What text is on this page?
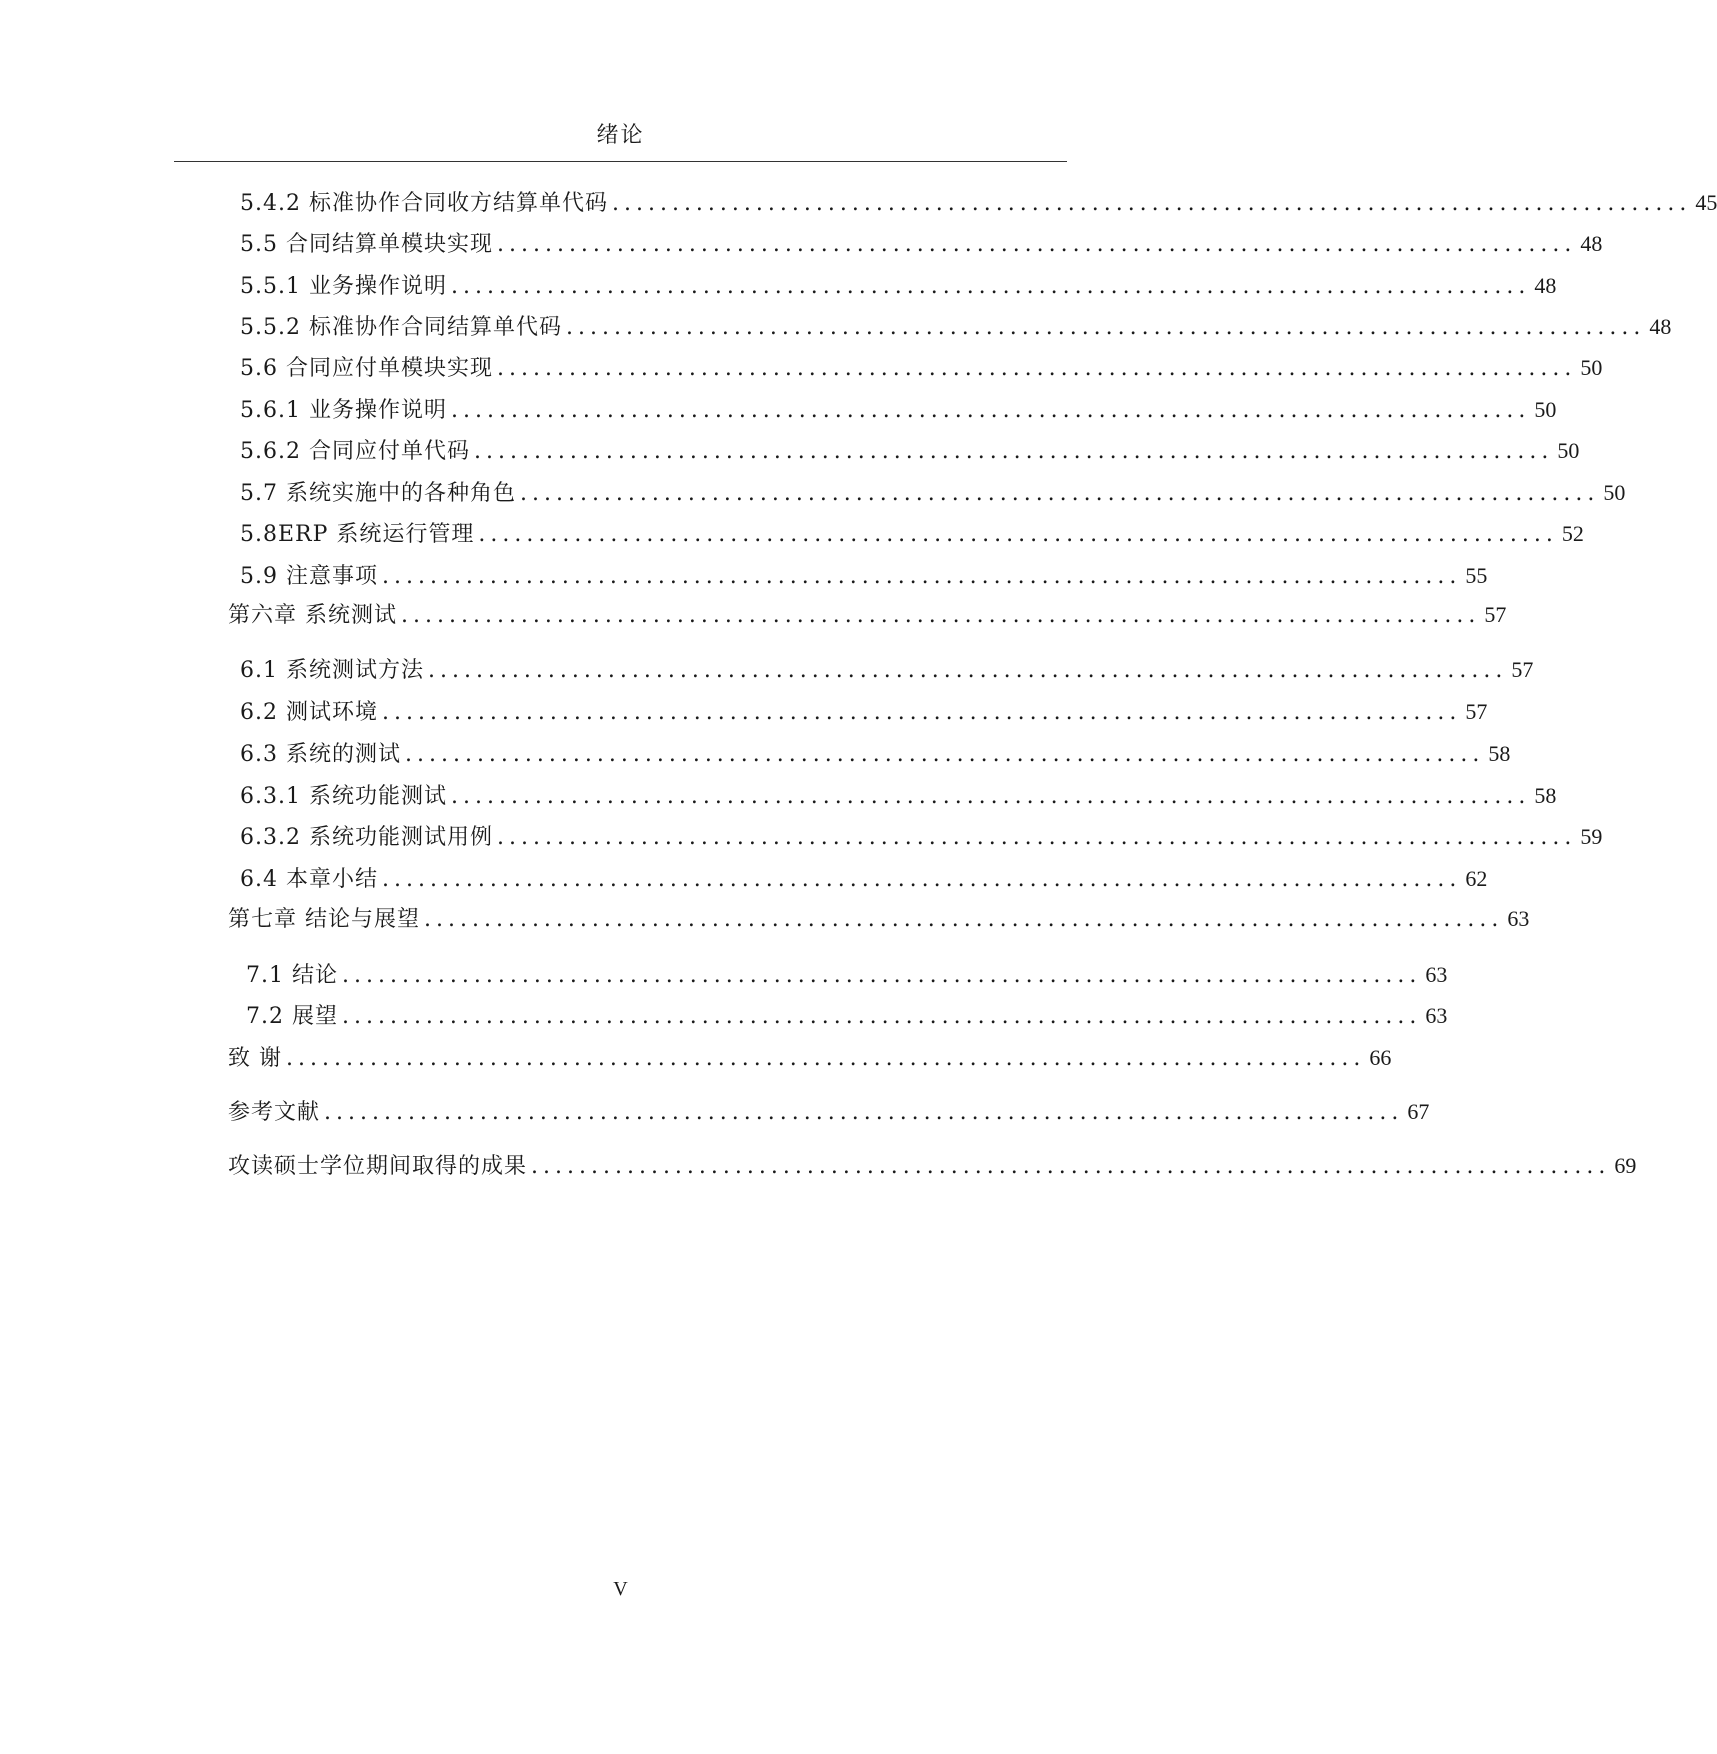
绪论
5.4.2 标准协作合同收方结算单代码 .......................................................................................... 45
5.5 合同结算单模块实现 .......................................................................................... 48
5.5.1 业务操作说明 .......................................................................................... 48
5.5.2 标准协作合同结算单代码 .......................................................................................... 48
5.6 合同应付单模块实现 .......................................................................................... 50
5.6.1 业务操作说明 .......................................................................................... 50
5.6.2 合同应付单代码 .......................................................................................... 50
5.7 系统实施中的各种角色 .......................................................................................... 50
5.8ERP 系统运行管理 .......................................................................................... 52
5.9 注意事项 .......................................................................................... 55
第六章 系统测试 .......................................................................................... 57
6.1 系统测试方法 .......................................................................................... 57
6.2 测试环境 .......................................................................................... 57
6.3 系统的测试 .......................................................................................... 58
6.3.1 系统功能测试 .......................................................................................... 58
6.3.2 系统功能测试用例 .......................................................................................... 59
6.4 本章小结 .......................................................................................... 62
第七章 结论与展望 .......................................................................................... 63
7.1 结论 .......................................................................................... 63
7.2 展望 .......................................................................................... 63
致 谢 .......................................................................................... 66
参考文献 .......................................................................................... 67
攻读硕士学位期间取得的成果 .......................................................................................... 69
V
